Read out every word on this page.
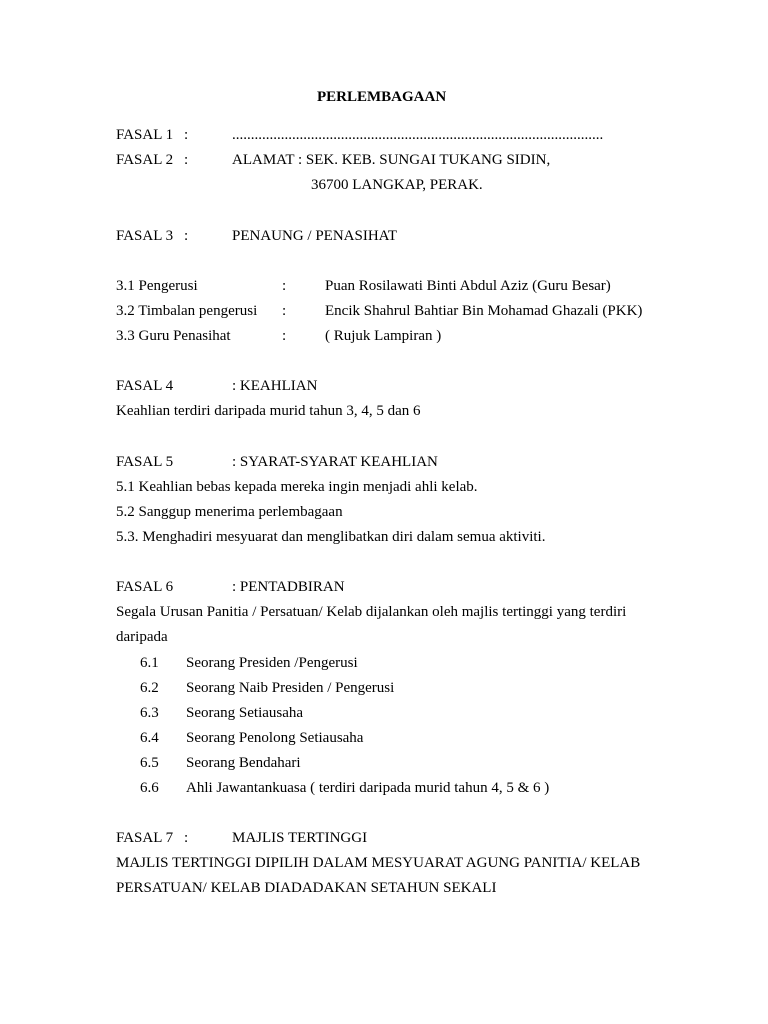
PERLEMBAGAAN
FASAL 1 :	...................................................................................................
FASAL 2 :	ALAMAT : SEK. KEB. SUNGAI TUKANG SIDIN,
36700 LANGKAP, PERAK.
FASAL 3 :	PENAUNG / PENASIHAT
3.1 Pengerusi	:	Puan Rosilawati Binti Abdul Aziz (Guru Besar)
3.2 Timbalan pengerusi :	Encik Shahrul Bahtiar Bin Mohamad Ghazali (PKK)
3.3 Guru Penasihat	:	( Rujuk Lampiran )
FASAL 4	: KEAHLIAN
Keahlian terdiri daripada murid tahun 3, 4, 5 dan 6
FASAL 5	: SYARAT-SYARAT KEAHLIAN
5.1 Keahlian bebas kepada mereka ingin menjadi ahli kelab.
5.2 Sanggup menerima perlembagaan
5.3. Menghadiri mesyuarat dan menglibatkan diri dalam semua aktiviti.
FASAL 6	: PENTADBIRAN
Segala Urusan Panitia / Persatuan/ Kelab dijalankan oleh majlis tertinggi yang terdiri
daripada
6.1 Seorang Presiden /Pengerusi
6.2 Seorang Naib Presiden / Pengerusi
6.3 Seorang Setiausaha
6.4 Seorang Penolong Setiausaha
6.5 Seorang Bendahari
6.6 Ahli Jawantankuasa ( terdiri daripada murid tahun 4, 5 & 6 )
FASAL 7 :	MAJLIS TERTINGGI
MAJLIS TERTINGGI DIPILIH DALAM MESYUARAT AGUNG PANITIA/ KELAB
PERSATUAN/ KELAB DIADADAKAN SETAHUN SEKALI
